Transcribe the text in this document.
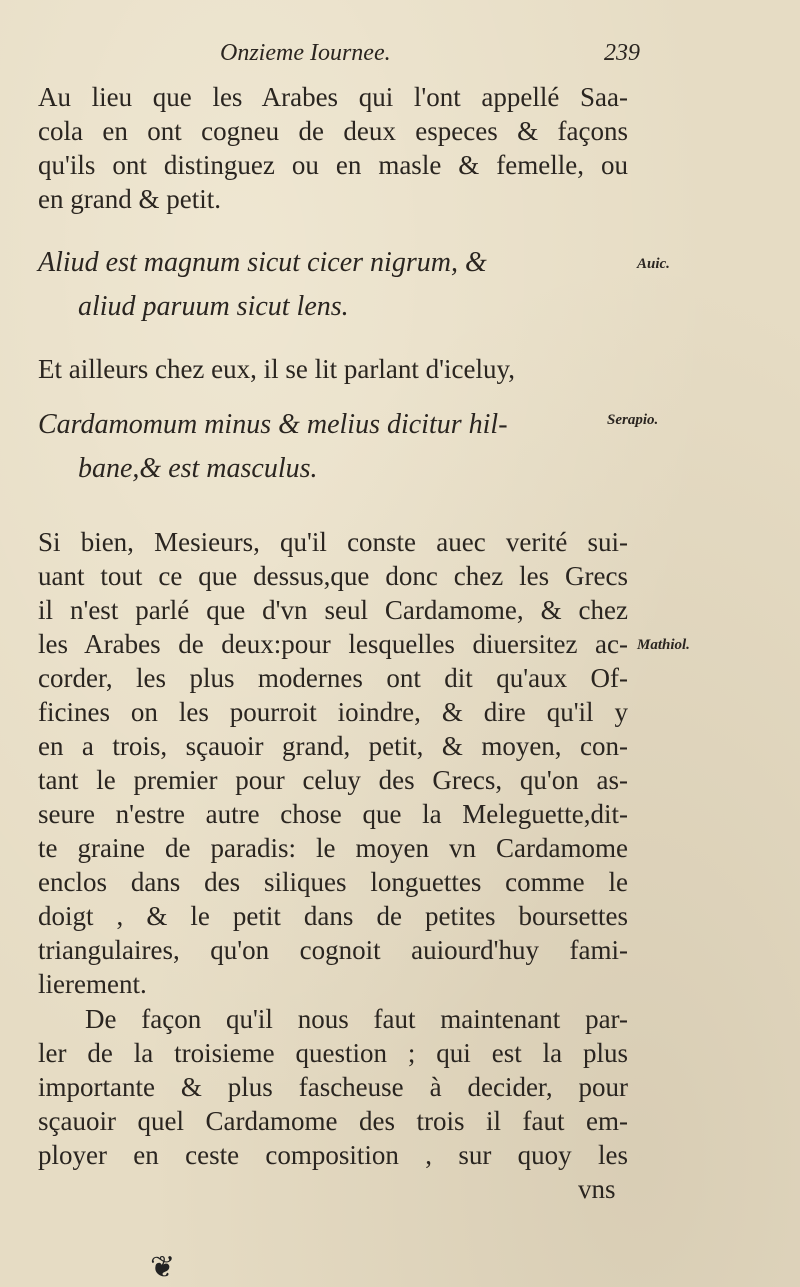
Onzieme Iournee.	239
Au lieu que les Arabes qui l'ont appellé Saa-
cola en ont cogneu de deux especes & façons
qu'ils ont distinguez ou en masle & femelle, ou
en grand & petit.
Aliud est magnum sicut cicer nigrum, &
aliud paruum sicut lens.
Auic.
Et ailleurs chez eux, il se lit parlant d'iceluy,
Cardamomum minus & melius dicitur hil-
bane,& est masculus.
Serapio.
Si bien, Mesieurs, qu'il conste auec verité sui-
uant tout ce que dessus,que donc chez les Grecs
il n'est parlé que d'vn seul Cardamome, & chez
les Arabes de deux:pour lesquelles diuersitez ac-
corder, les plus modernes ont dit qu'aux Of-
ficines on les pourroit ioindre, & dire qu'il y
en a trois, sçauoir grand, petit, & moyen, con-
tant le premier pour celuy des Grecs, qu'on as-
seure n'estre autre chose que la Meleguette,dit-
te graine de paradis: le moyen vn Cardamome
enclos dans des siliques longuettes comme le
doigt , & le petit dans de petites boursettes
triangulaires, qu'on cognoit auiourd'huy fami-
lierement.
Mathiol.
De façon qu'il nous faut maintenant par-
ler de la troisieme question ; qui est la plus
importante & plus fascheuse à decider, pour
sçauoir quel Cardamome des trois il faut em-
ployer en ceste composition , sur quoy les
vns
❦
